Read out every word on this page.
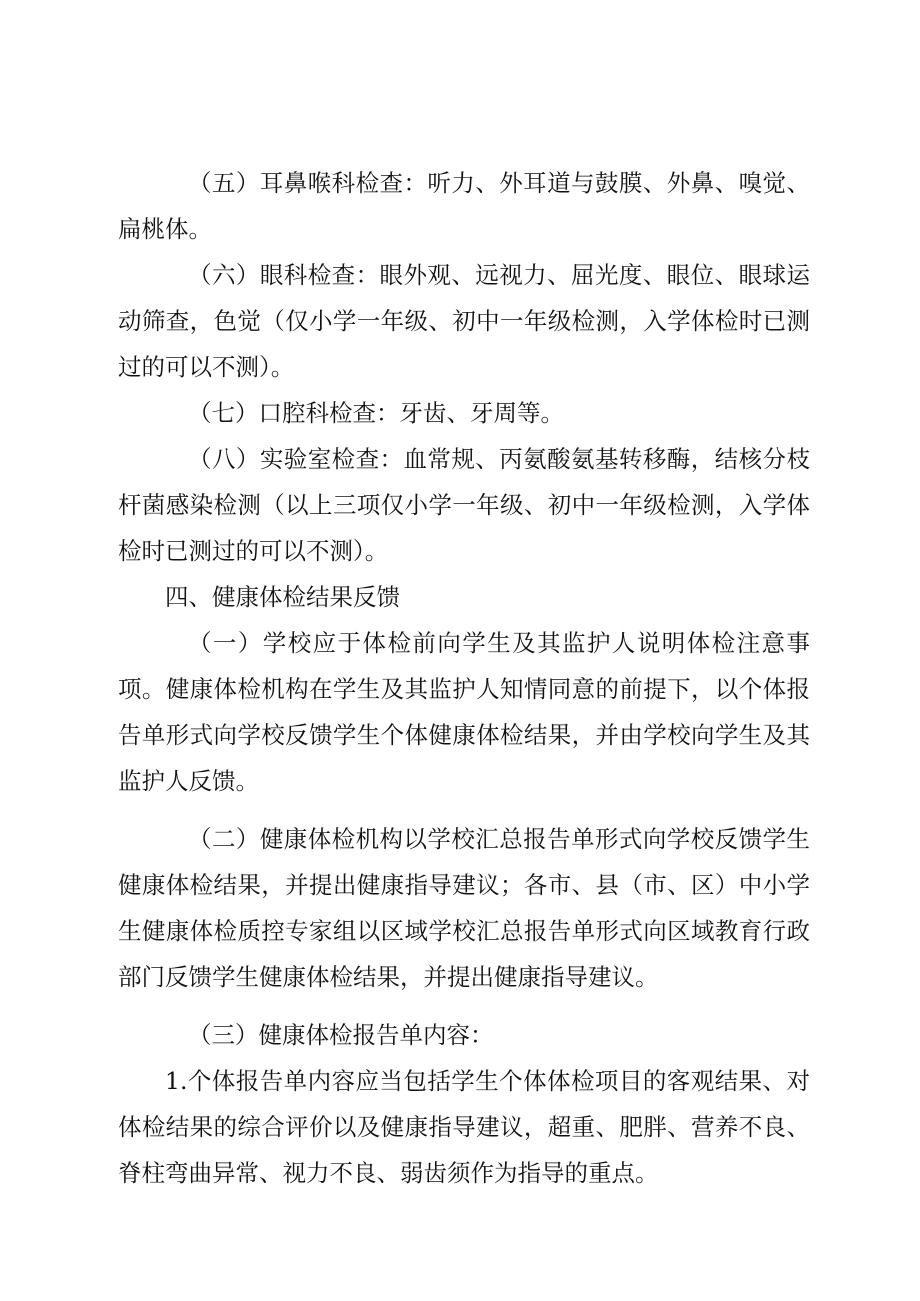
（五）耳鼻喉科检查：听力、外耳道与鼓膜、外鼻、嗅觉、扁桃体。

（六）眼科检查：眼外观、远视力、屈光度、眼位、眼球运动筛查，色觉（仅小学一年级、初中一年级检测，入学体检时已测过的可以不测）。

（七）口腔科检查：牙齿、牙周等。

（八）实验室检查：血常规、丙氨酸氨基转移酶，结核分枝杆菌感染检测（以上三项仅小学一年级、初中一年级检测，入学体检时已测过的可以不测）。

四、健康体检结果反馈

（一）学校应于体检前向学生及其监护人说明体检注意事项。健康体检机构在学生及其监护人知情同意的前提下，以个体报告单形式向学校反馈学生个体健康体检结果，并由学校向学生及其监护人反馈。

（二）健康体检机构以学校汇总报告单形式向学校反馈学生健康体检结果，并提出健康指导建议；各市、县（市、区）中小学生健康体检质控专家组以区域学校汇总报告单形式向区域教育行政部门反馈学生健康体检结果，并提出健康指导建议。

（三）健康体检报告单内容：

1.个体报告单内容应当包括学生个体体检项目的客观结果、对体检结果的综合评价以及健康指导建议，超重、肥胖、营养不良、脊柱弯曲异常、视力不良、弱齿须作为指导的重点。
